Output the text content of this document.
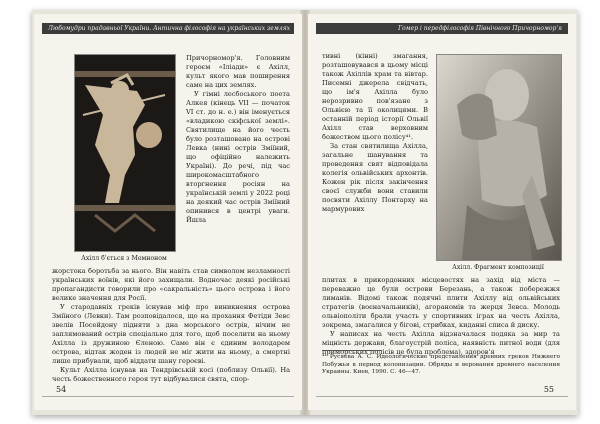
Любомудри прадавньої України. Антична філософія на українських землях
Ахілл б'ється з Мемноном

Причорномор'я. Головним героєм «Іліади» є Ахілл, культ якого мав поширення саме на цих землях.

У гімні лесбоського поета Алкея (кінець VII — початок VI ст. до н. е.) він іменується «владикою скіфської землі». Святилище на його честь було розташовано на острові Левка (нині острів Зміїний, що офіційно належить Україні). До речі, під час широкомасштабного вторгнення росіян на українській землі у 2022 році на деякий час острів Зміїний опинився в центрі уваги. Йшла

жорстока боротьба за нього. Він навіть став символом незламності українських воїнів, які його захищали. Водночас деякі російські пропагандисти говорили про «сакральність» цього острова і його велике значення для Росії.

У стародавніх греків існував міф про виникнення острова Зміїного (Левки). Там розповідалося, що на прохання Фетіди Зевс звелів Посейдону підняти з дна морського острів, нічим не заплямований острів спеціально для того, щоб поселити на ньому Ахілла із дружиною Єленою. Саме він є єдиним володарем острова, відтак жоден із людей не міг жити на ньому, а смертні лише прибували, щоб віддати шану героєві.

Культ Ахілла існував на Тендрівській косі (поблизу Ольвії). На честь божественного героя тут відбувалися свята, спор-

54
Гомер і передфілософія Північного Причорномор'я

тивні (кінні) змагання, розташовувався в цьому місці також Ахіллів храм та вівтар. Писемні джерела свідчать, що ім'я Ахілла було нерозривно пов'язане з Ольвією та її околицями. В останній період історії Ольвії Ахілл став верховним божеством цього полісу⁴¹.

За стан святилища Ахілла, загальне шанування та проведення свят відповідала колегія ольвійських архонтів. Кожен рік після закінчення своєї служби вони ставили посвяти Ахіллу Понтарху на мармурових

Ахілл. Фрагмент композиції

плитах в прикордонних місцевостях на захід від міста — переважно це були острови Березань, а також побережжя лиманів. Відомі також подячні плити Ахіллу від ольвійських стратегів (воєначальників), агораномів та жерця Зевса. Молодь ольвіополіти брали участь у спортивних іграх на честь Ахілла, зокрема, змагалися у бігові, стрибках, киданні списа й диску.

У написах на честь Ахілла відзначалася подяка за мир та міцність держави, благоустрій поліса, наявність питної води (для приморських полісів це була проблема), здоров'я

⁴¹ Русяева А. С. Идеологические представления древних греков Нижнего Побужья в период колонизации. Обряды и верования древнего населения Украины. Киев, 1990. С. 46—47.
55
